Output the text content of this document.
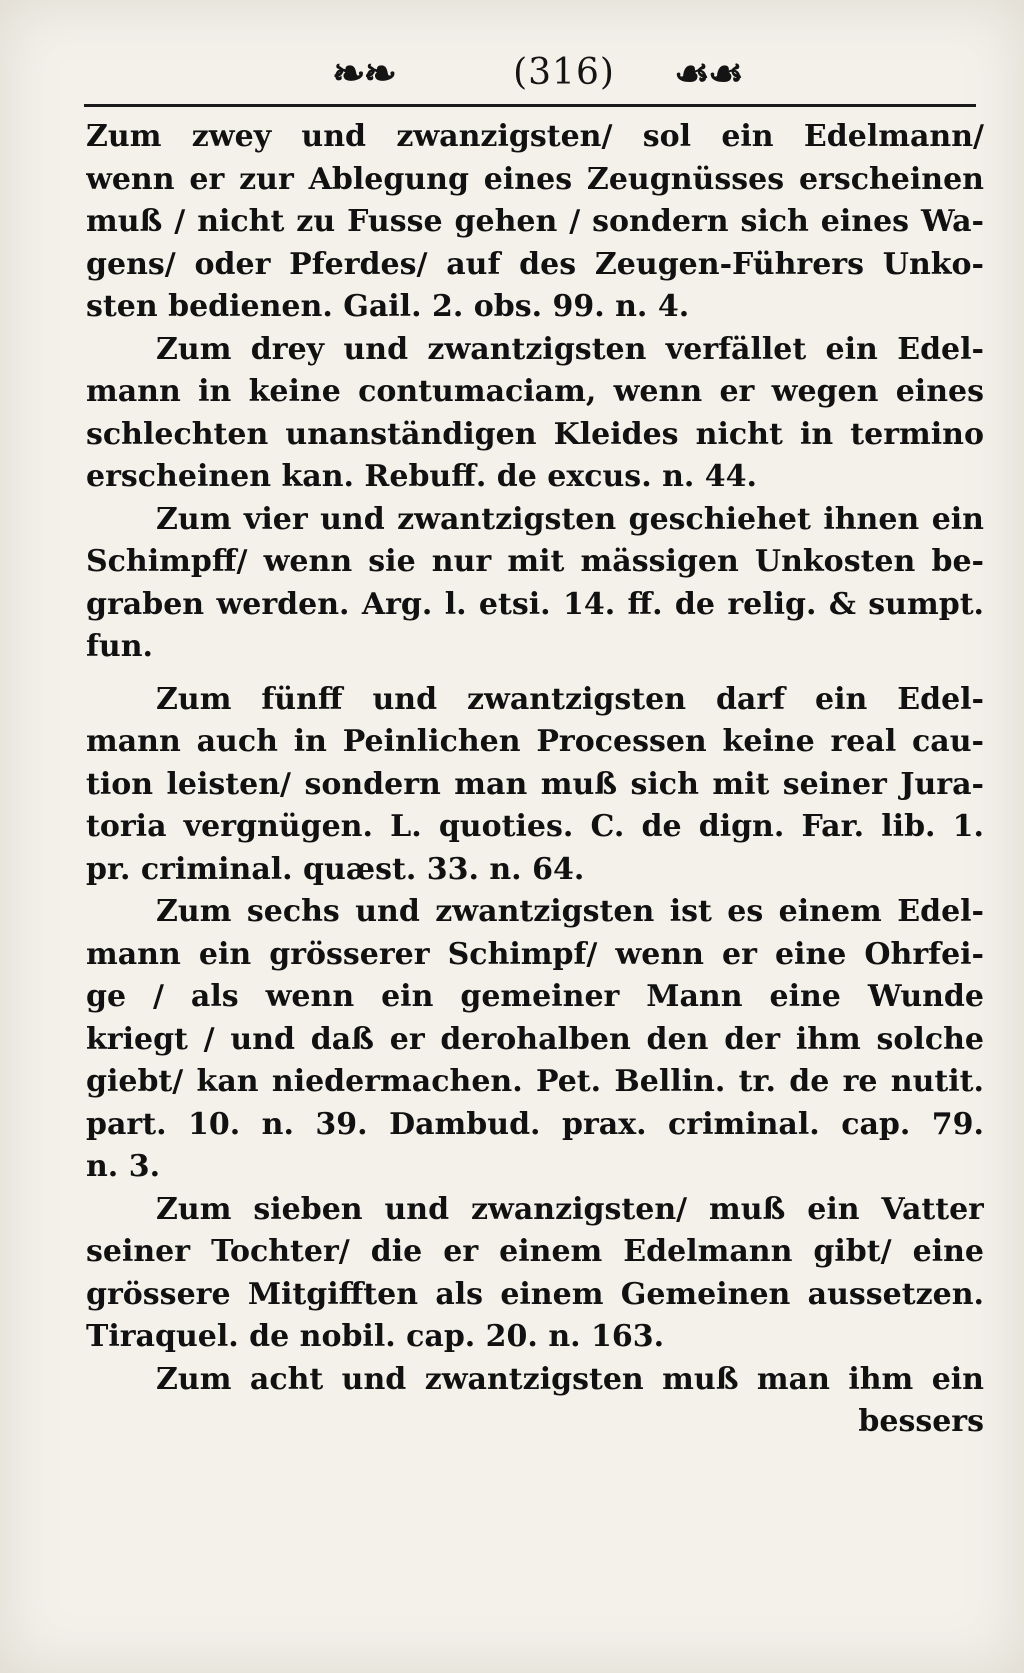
❧❧	(316)	☙☙
Zum zwey und zwanzigsten/ sol ein Edelmann/
wenn er zur Ablegung eines Zeugnüsses erscheinen
muß / nicht zu Fusse gehen / sondern sich eines Wa-
gens/ oder Pferdes/ auf des Zeugen-Führers Unko-
sten bedienen. Gail. 2. obs. 99. n. 4.
Zum drey und zwantzigsten verfället ein Edel-
mann in keine contumaciam, wenn er wegen eines
schlechten unanständigen Kleides nicht in termino
erscheinen kan. Rebuff. de excus. n. 44.
Zum vier und zwantzigsten geschiehet ihnen ein
Schimpff/ wenn sie nur mit mässigen Unkosten be-
graben werden. Arg. l. etsi. 14. ff. de relig. & sumpt.
fun.
Zum fünff und zwantzigsten darf ein Edel-
mann auch in Peinlichen Processen keine real cau-
tion leisten/ sondern man muß sich mit seiner Jura-
toria vergnügen. L. quoties. C. de dign. Far. lib. 1.
pr. criminal. quæst. 33. n. 64.
Zum sechs und zwantzigsten ist es einem Edel-
mann ein grösserer Schimpf/ wenn er eine Ohrfei-
ge / als wenn ein gemeiner Mann eine Wunde
kriegt / und daß er derohalben den der ihm solche
giebt/ kan niedermachen. Pet. Bellin. tr. de re nutit.
part. 10. n. 39. Dambud. prax. criminal. cap. 79.
n. 3.
Zum sieben und zwanzigsten/ muß ein Vatter
seiner Tochter/ die er einem Edelmann gibt/ eine
grössere Mitgifften als einem Gemeinen aussetzen.
Tiraquel. de nobil. cap. 20. n. 163.
Zum acht und zwantzigsten muß man ihm ein
bessers
